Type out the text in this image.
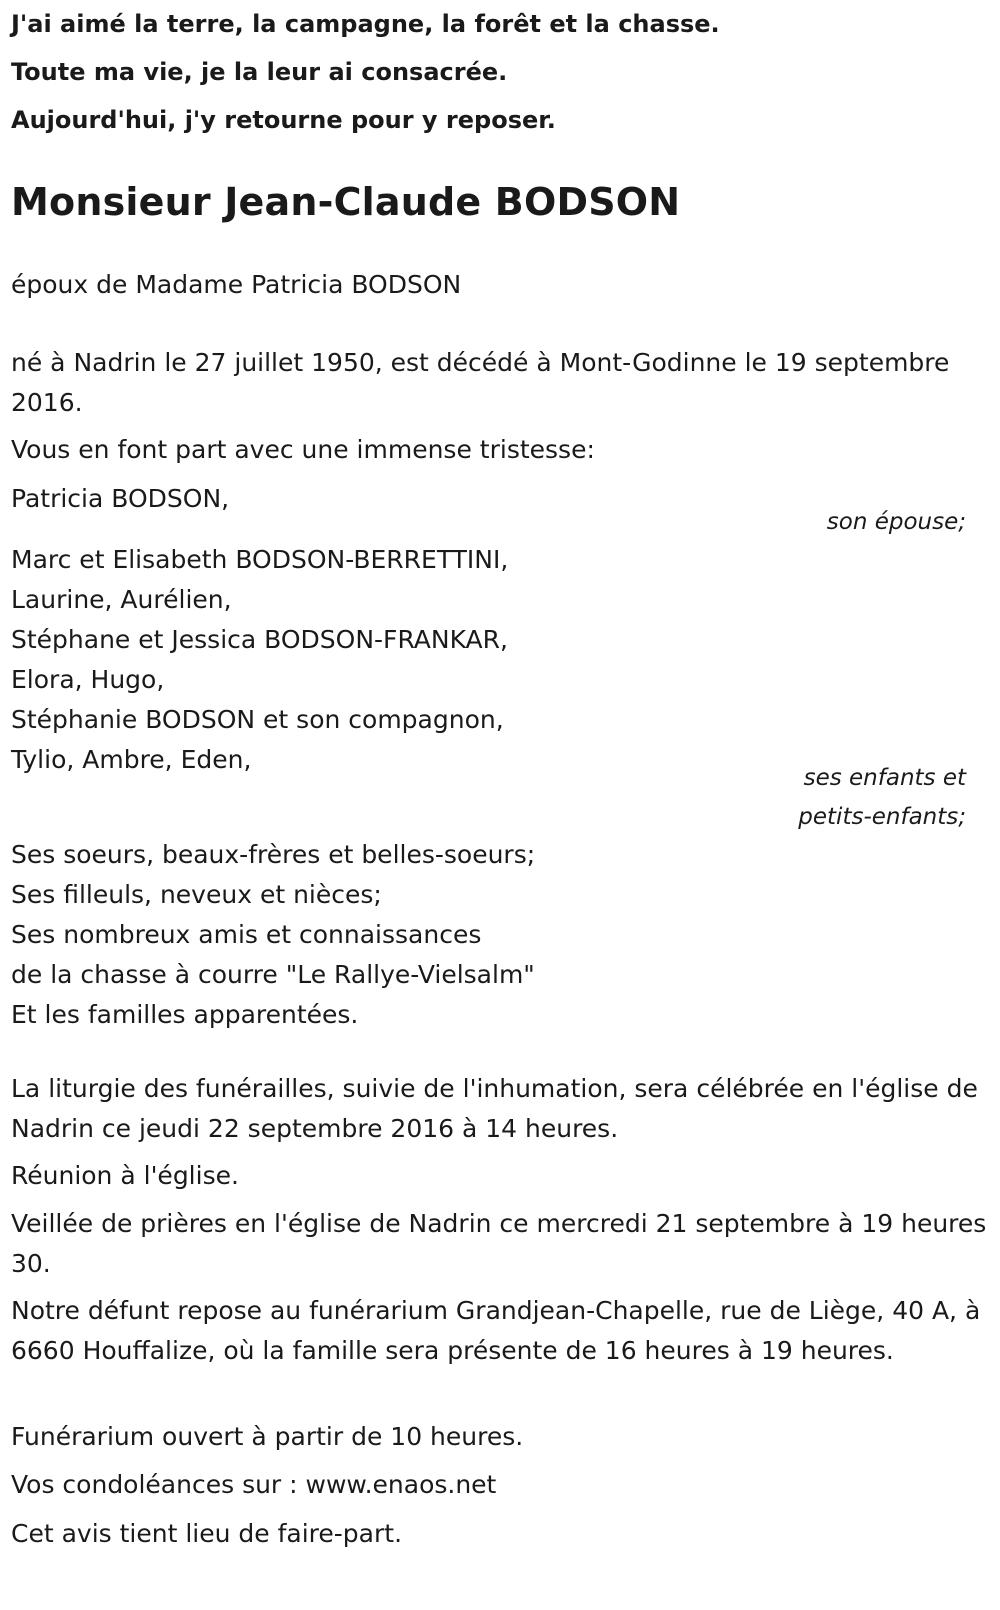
J'ai aimé la terre, la campagne, la forêt et la chasse.

Toute ma vie, je la leur ai consacrée.

Aujourd'hui, j'y retourne pour y reposer.

Monsieur Jean-Claude BODSON
époux de Madame Patricia BODSON
né à Nadrin le 27 juillet 1950, est décédé à Mont-Godinne le 19 septembre 2016.
Vous en font part avec une immense tristesse:
Patricia BODSON,
son épouse;
Marc et Elisabeth BODSON-BERRETTINI,
Laurine, Aurélien,
Stéphane et Jessica BODSON-FRANKAR,
Elora, Hugo,
Stéphanie BODSON et son compagnon,
Tylio, Ambre, Eden,
ses enfants et
petits-enfants;
Ses soeurs, beaux-frères et belles-soeurs;
Ses filleuls, neveux et nièces;
Ses nombreux amis et connaissances
de la chasse à courre "Le Rallye-Vielsalm"
Et les familles apparentées.
La liturgie des funérailles, suivie de l'inhumation, sera célébrée en l'église de Nadrin ce jeudi 22 septembre 2016 à 14 heures.
Réunion à l'église.
Veillée de prières en l'église de Nadrin ce mercredi 21 septembre à 19 heures 30.
Notre défunt repose au funérarium Grandjean-Chapelle, rue de Liège, 40 A, à 6660 Houffalize, où la famille sera présente de 16 heures à 19 heures.
Funérarium ouvert à partir de 10 heures.
Vos condoléances sur : www.enaos.net
Cet avis tient lieu de faire-part.
